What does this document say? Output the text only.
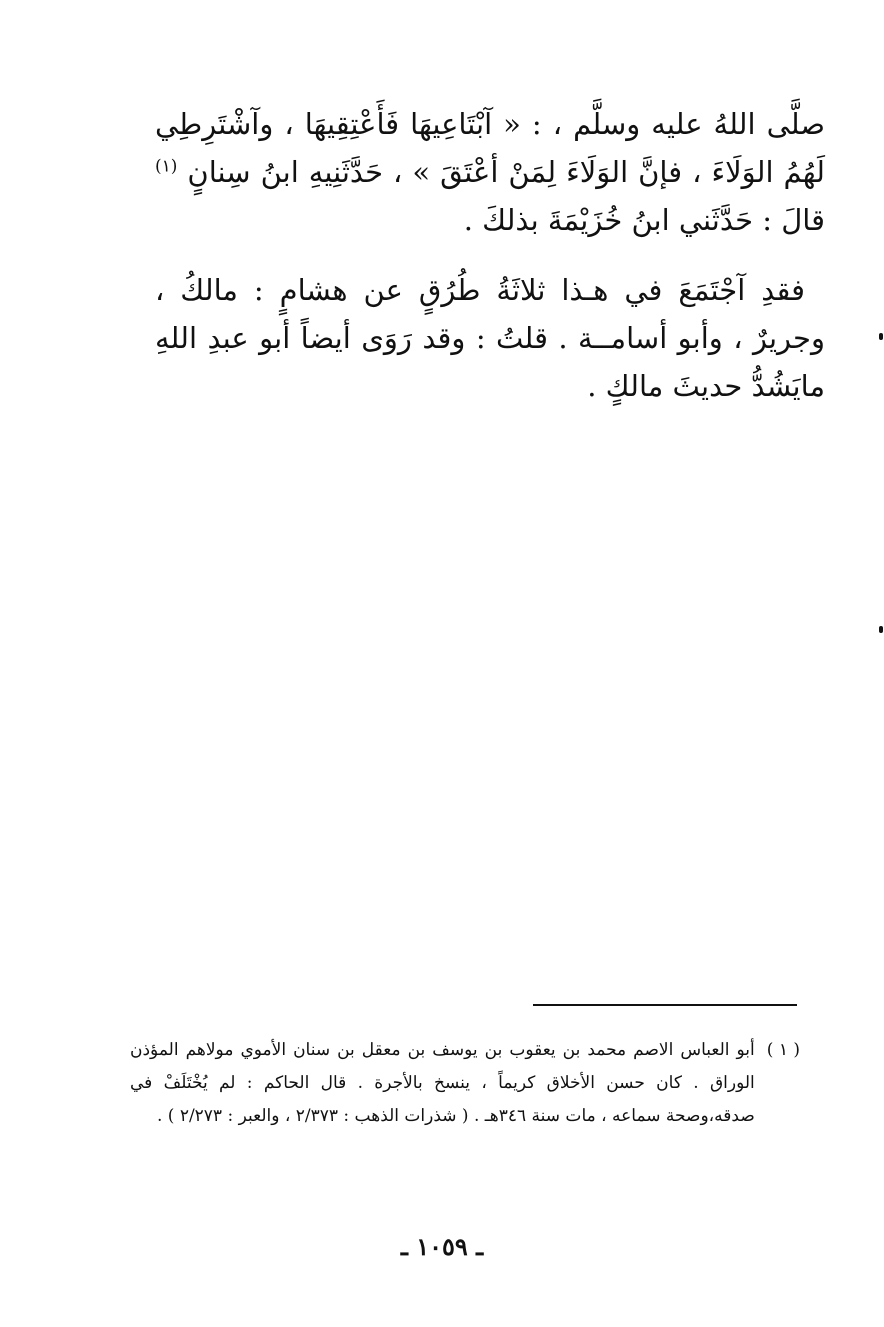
صلَّى اللهُ عليه وسلَّم ، : « آبْتَاعِيهَا فَأَعْتِقِيهَا ، وآشْتَرِطِي لَهُمُ الوَلَاءَ ، فإنَّ الوَلَاءَ لِمَنْ أعْتَقَ » ، حَدَّثَنِيهِ ابنُ سِنانٍ $^{(١)}$ قالَ : حَدَّثَني ابنُ خُزَيْمَةَ بذلكَ .

فقدِ آجْتَمَعَ في هـذا ثلاثَةُ طُرُقٍ عن هشامٍ : مالكُ ، وجريرٌ ، وأبو أسامــة . قلتُ : وقد رَوَى أيضاً أبو عبدِ اللهِ مايَشُدُّ حديثَ مالكٍ .

( ١ )
أبو العباس الاصم محمد بن يعقوب بن يوسف بن معقل بن سنان الأموي مولاهم المؤذن الوراق . كان حسن الأخلاق كريماً ، ينسخ بالأجرة . قال الحاكم : لم يُخْتَلَفْ في صدقه،وصحة سماعه ، مات سنة ٣٤٦هـ . ( شذرات الذهب : ٢/٣٧٣ ، والعبر : ٢/٢٧٣ ) .
ـ ١٠٥٩ ـ
